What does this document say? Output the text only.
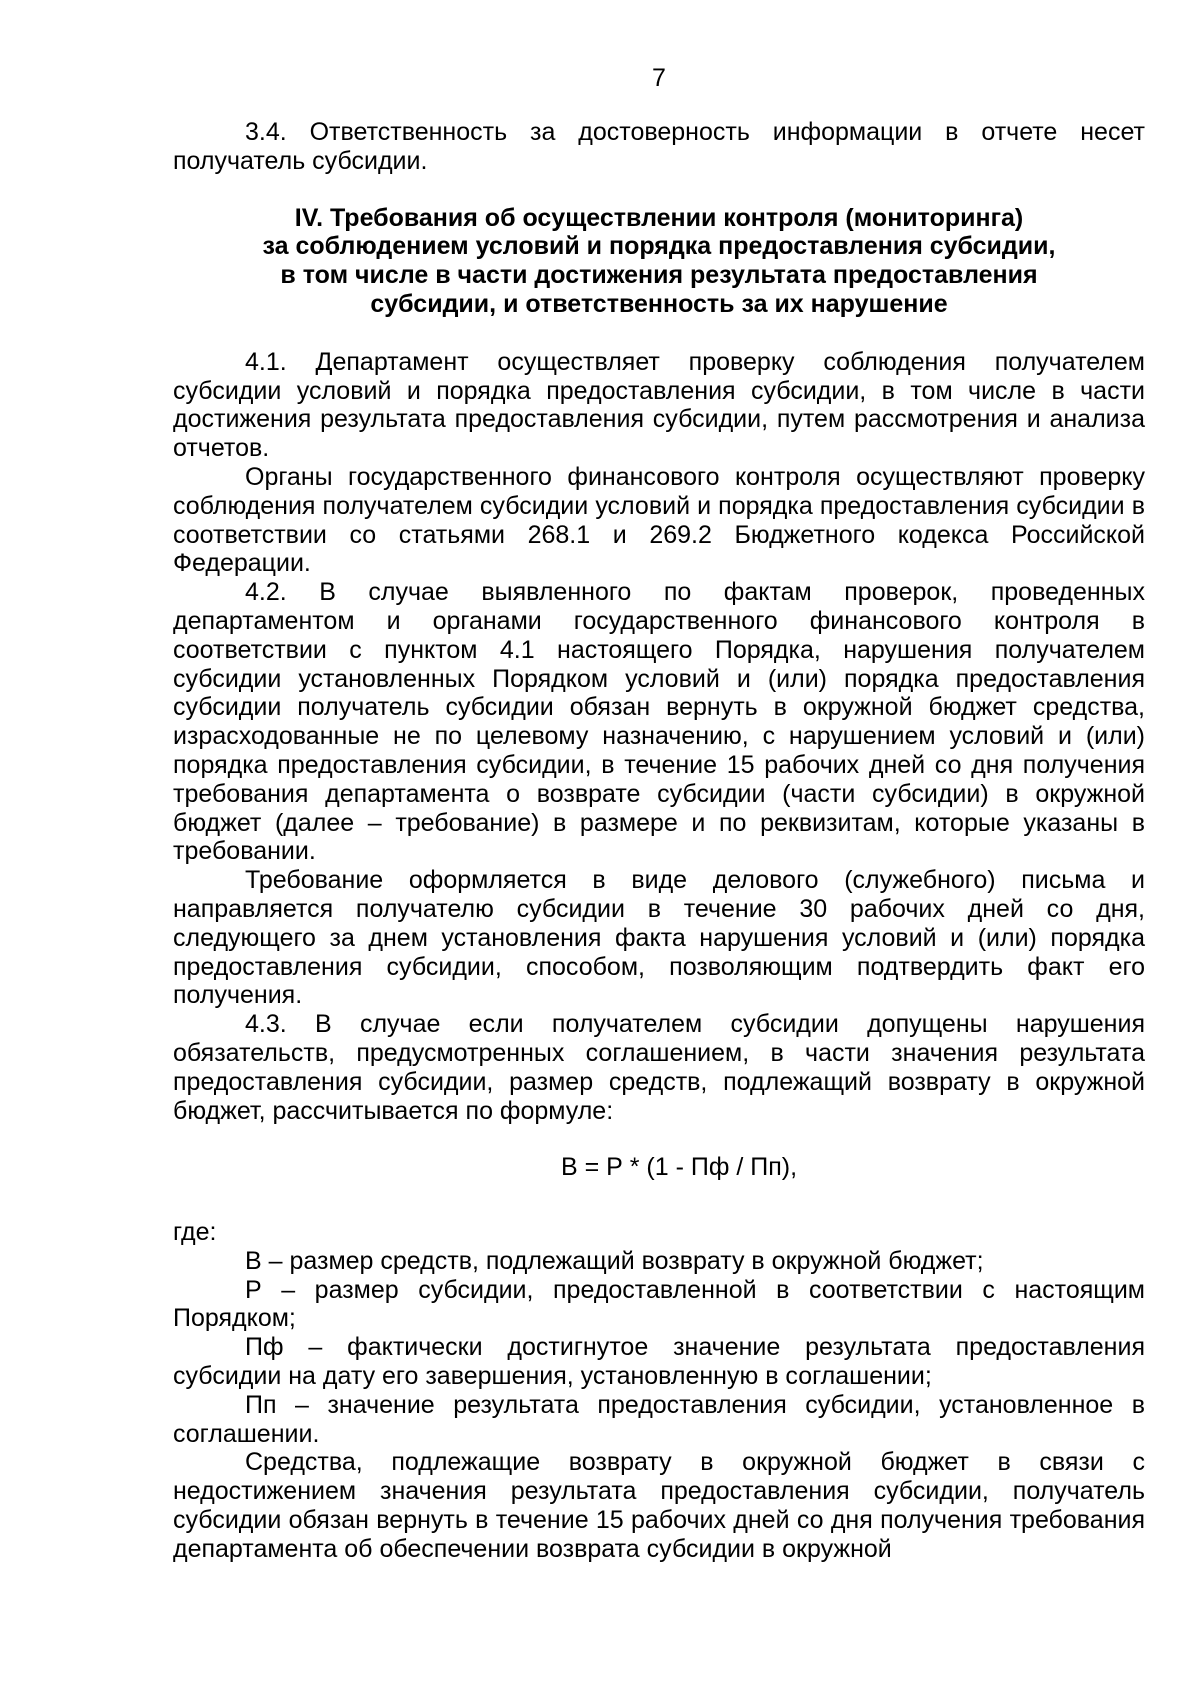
7

3.4. Ответственность за достоверность информации в отчете несет получатель субсидии.

IV. Требования об осуществлении контроля (мониторинга)
за соблюдением условий и порядка предоставления субсидии,
в том числе в части достижения результата предоставления
субсидии, и ответственность за их нарушение

4.1. Департамент осуществляет проверку соблюдения получателем субсидии условий и порядка предоставления субсидии, в том числе в части достижения результата предоставления субсидии, путем рассмотрения и анализа отчетов.

Органы государственного финансового контроля осуществляют проверку соблюдения получателем субсидии условий и порядка предоставления субсидии в соответствии со статьями 268.1 и 269.2 Бюджетного кодекса Российской Федерации.

4.2. В случае выявленного по фактам проверок, проведенных департаментом и органами государственного финансового контроля в соответствии с пунктом 4.1 настоящего Порядка, нарушения получателем субсидии установленных Порядком условий и (или) порядка предоставления субсидии получатель субсидии обязан вернуть в окружной бюджет средства, израсходованные не по целевому назначению, с нарушением условий и (или) порядка предоставления субсидии, в течение 15 рабочих дней со дня получения требования департамента о возврате субсидии (части субсидии) в окружной бюджет (далее – требование) в размере и по реквизитам, которые указаны в требовании.

Требование оформляется в виде делового (служебного) письма и направляется получателю субсидии в течение 30 рабочих дней со дня, следующего за днем установления факта нарушения условий и (или) порядка предоставления субсидии, способом, позволяющим подтвердить факт его получения.

4.3. В случае если получателем субсидии допущены нарушения обязательств, предусмотренных соглашением, в части значения результата предоставления субсидии, размер средств, подлежащий возврату в окружной бюджет, рассчитывается по формуле:

В = Р * (1 - Пф / Пп),

где:

В – размер средств, подлежащий возврату в окружной бюджет;

Р – размер субсидии, предоставленной в соответствии с настоящим Порядком;

Пф – фактически достигнутое значение результата предоставления субсидии на дату его завершения, установленную в соглашении;

Пп – значение результата предоставления субсидии, установленное в соглашении.

Средства, подлежащие возврату в окружной бюджет в связи с недостижением значения результата предоставления субсидии, получатель субсидии обязан вернуть в течение 15 рабочих дней со дня получения требования департамента об обеспечении возврата субсидии в окружной
